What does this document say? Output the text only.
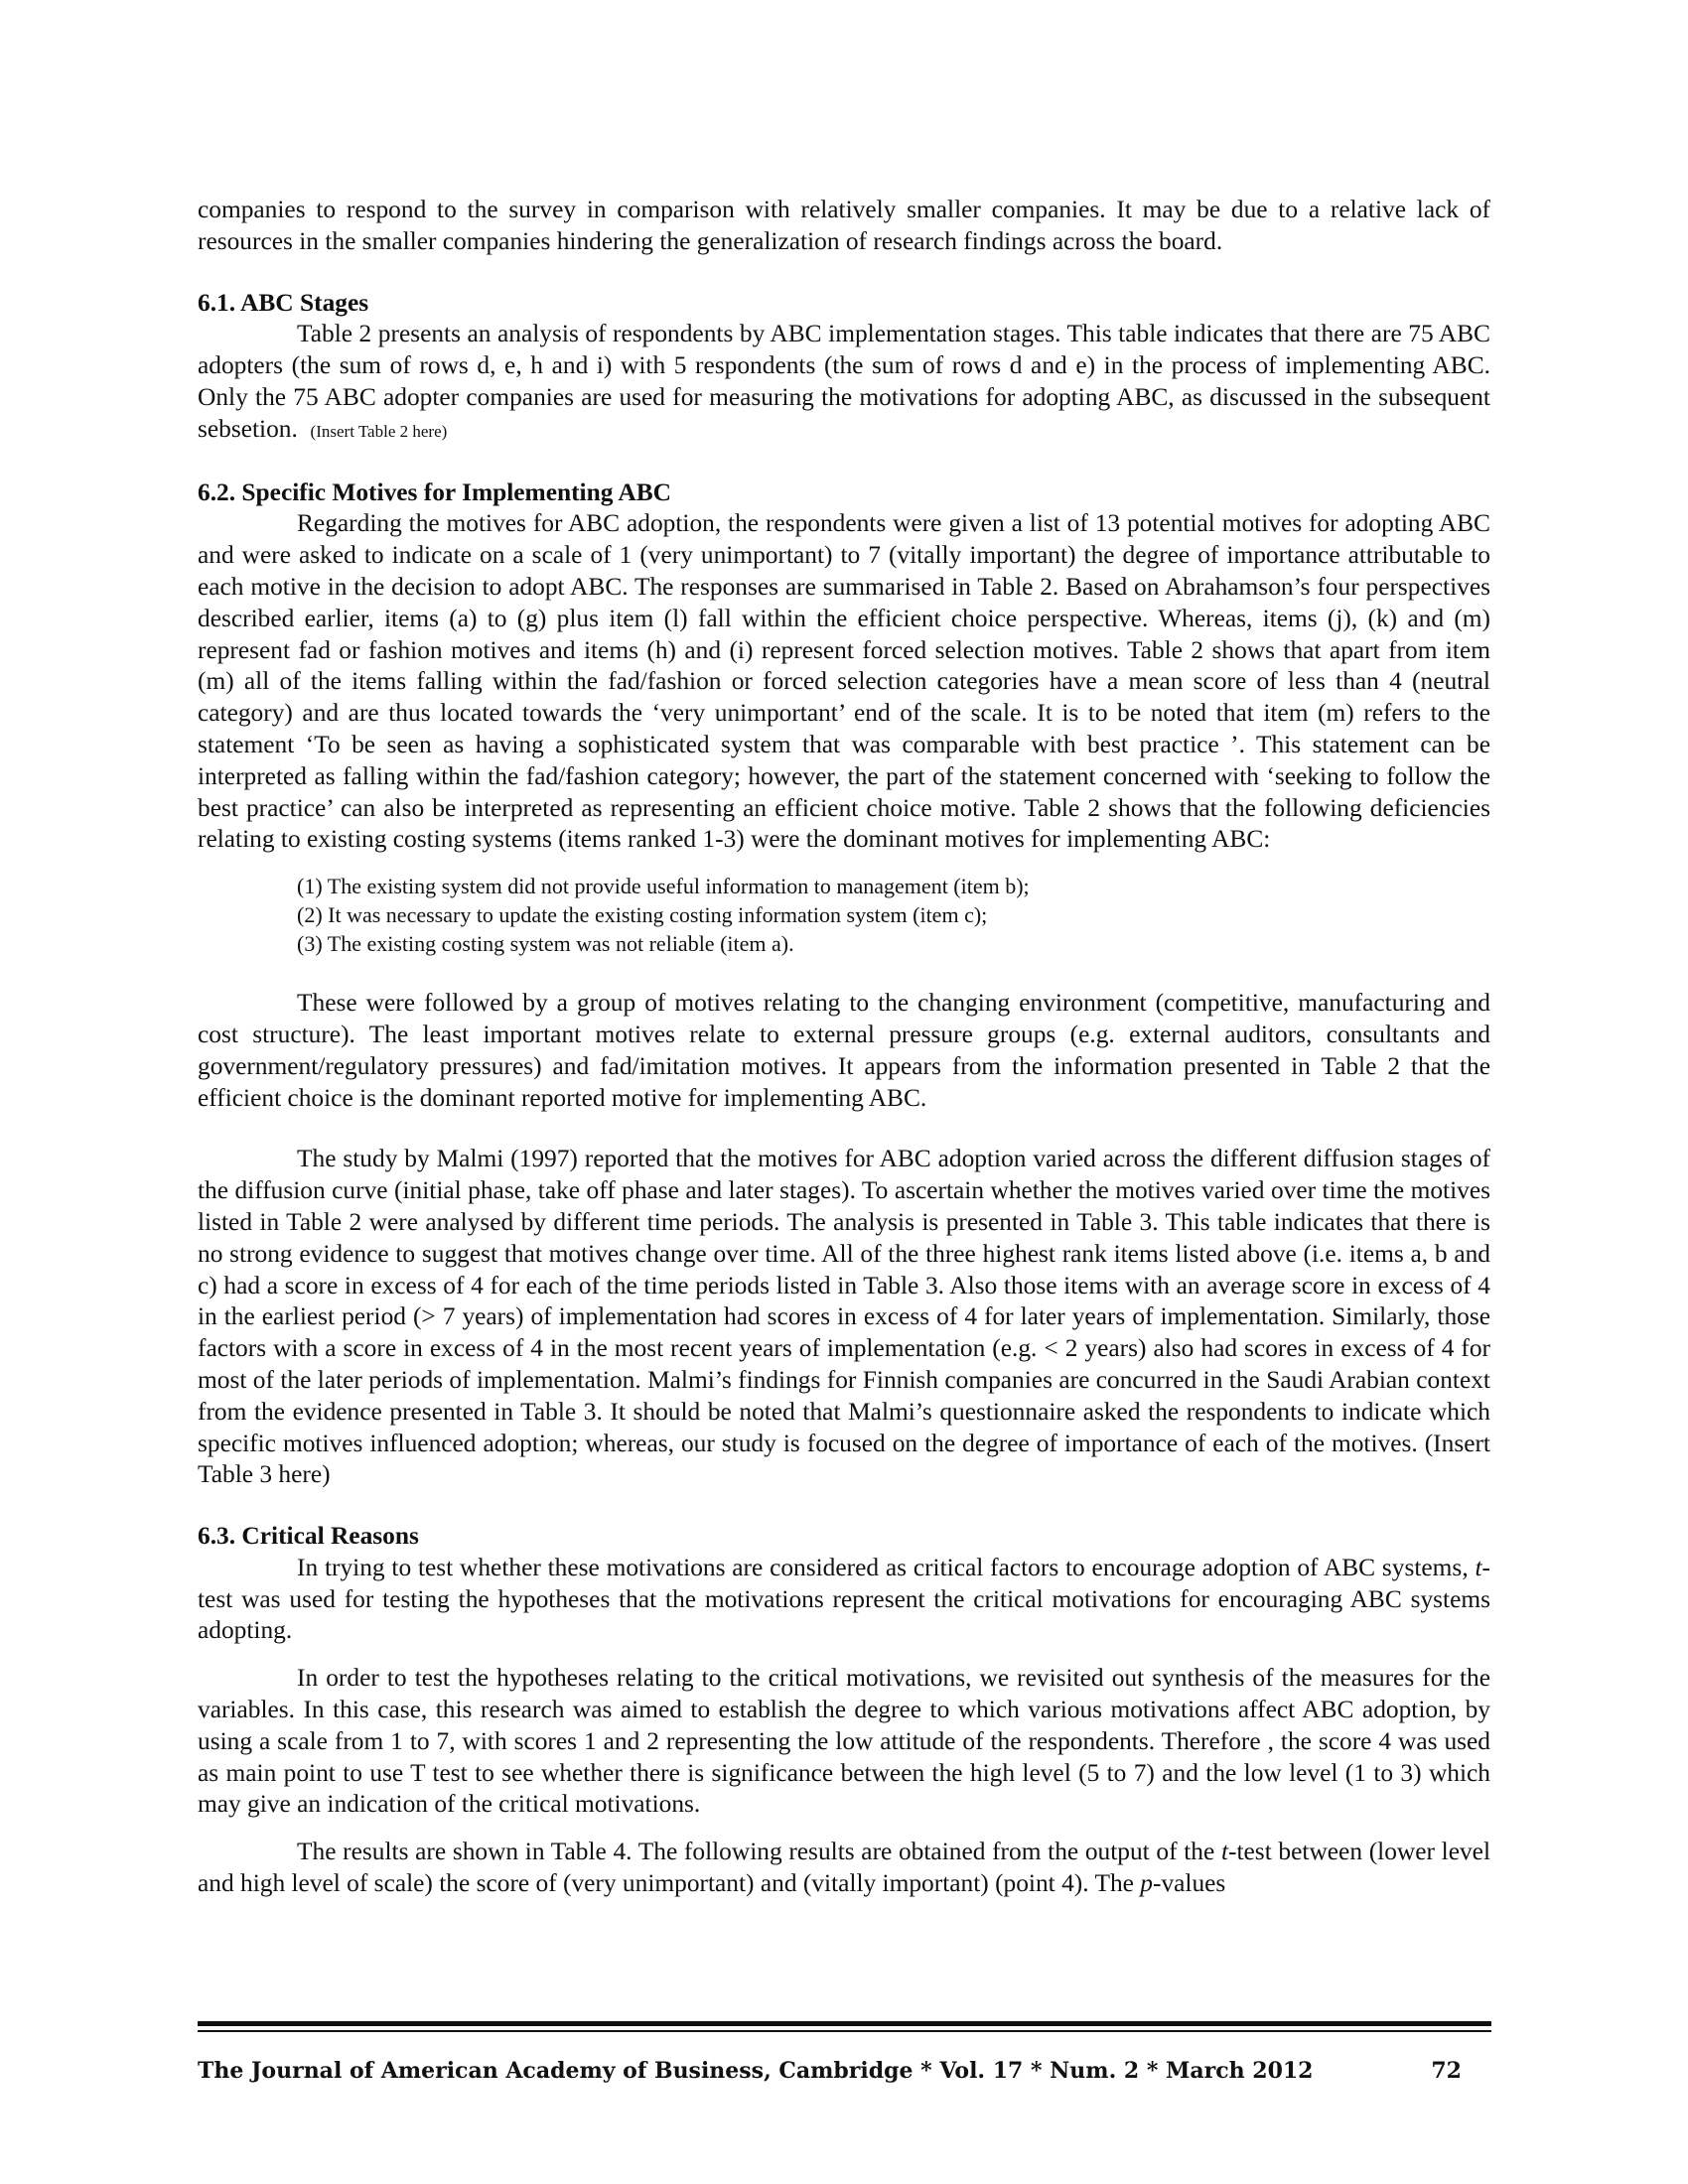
companies to respond to the survey in comparison with relatively smaller companies. It may be due to a relative lack of resources in the smaller companies hindering the generalization of research findings across the board.

6.1. ABC Stages

Table 2 presents an analysis of respondents by ABC implementation stages. This table indicates that there are 75 ABC adopters (the sum of rows d, e, h and i) with 5 respondents (the sum of rows d and e) in the process of implementing ABC. Only the 75 ABC adopter companies are used for measuring the motivations for adopting ABC, as discussed in the subsequent sebsetion. (Insert Table 2 here)

6.2. Specific Motives for Implementing ABC

Regarding the motives for ABC adoption, the respondents were given a list of 13 potential motives for adopting ABC and were asked to indicate on a scale of 1 (very unimportant) to 7 (vitally important) the degree of importance attributable to each motive in the decision to adopt ABC. The responses are summarised in Table 2. Based on Abrahamson’s four perspectives described earlier, items (a) to (g) plus item (l) fall within the efficient choice perspective. Whereas, items (j), (k) and (m) represent fad or fashion motives and items (h) and (i) represent forced selection motives. Table 2 shows that apart from item (m) all of the items falling within the fad/fashion or forced selection categories have a mean score of less than 4 (neutral category) and are thus located towards the ‘very unimportant’ end of the scale. It is to be noted that item (m) refers to the statement ‘To be seen as having a sophisticated system that was comparable with best practice ’. This statement can be interpreted as falling within the fad/fashion category; however, the part of the statement concerned with ‘seeking to follow the best practice’ can also be interpreted as representing an efficient choice motive. Table 2 shows that the following deficiencies relating to existing costing systems (items ranked 1-3) were the dominant motives for implementing ABC:

(1) The existing system did not provide useful information to management (item b);
(2) It was necessary to update the existing costing information system (item c);
(3) The existing costing system was not reliable (item a).

These were followed by a group of motives relating to the changing environment (competitive, manufacturing and cost structure). The least important motives relate to external pressure groups (e.g. external auditors, consultants and government/regulatory pressures) and fad/imitation motives. It appears from the information presented in Table 2 that the efficient choice is the dominant reported motive for implementing ABC.

The study by Malmi (1997) reported that the motives for ABC adoption varied across the different diffusion stages of the diffusion curve (initial phase, take off phase and later stages). To ascertain whether the motives varied over time the motives listed in Table 2 were analysed by different time periods. The analysis is presented in Table 3. This table indicates that there is no strong evidence to suggest that motives change over time. All of the three highest rank items listed above (i.e. items a, b and c) had a score in excess of 4 for each of the time periods listed in Table 3. Also those items with an average score in excess of 4 in the earliest period (> 7 years) of implementation had scores in excess of 4 for later years of implementation. Similarly, those factors with a score in excess of 4 in the most recent years of implementation (e.g. < 2 years) also had scores in excess of 4 for most of the later periods of implementation. Malmi’s findings for Finnish companies are concurred in the Saudi Arabian context from the evidence presented in Table 3. It should be noted that Malmi’s questionnaire asked the respondents to indicate which specific motives influenced adoption; whereas, our study is focused on the degree of importance of each of the motives. (Insert Table 3 here)

6.3. Critical Reasons

In trying to test whether these motivations are considered as critical factors to encourage adoption of ABC systems, t-test was used for testing the hypotheses that the motivations represent the critical motivations for encouraging ABC systems adopting.

In order to test the hypotheses relating to the critical motivations, we revisited out synthesis of the measures for the variables. In this case, this research was aimed to establish the degree to which various motivations affect ABC adoption, by using a scale from 1 to 7, with scores 1 and 2 representing the low attitude of the respondents. Therefore , the score 4 was used as main point to use T test to see whether there is significance between the high level (5 to 7) and the low level (1 to 3) which may give an indication of the critical motivations.

The results are shown in Table 4. The following results are obtained from the output of the t-test between (lower level and high level of scale) the score of (very unimportant) and (vitally important) (point 4). The p-values

The Journal of American Academy of Business, Cambridge * Vol. 17 * Num. 2 * March 2012	72
